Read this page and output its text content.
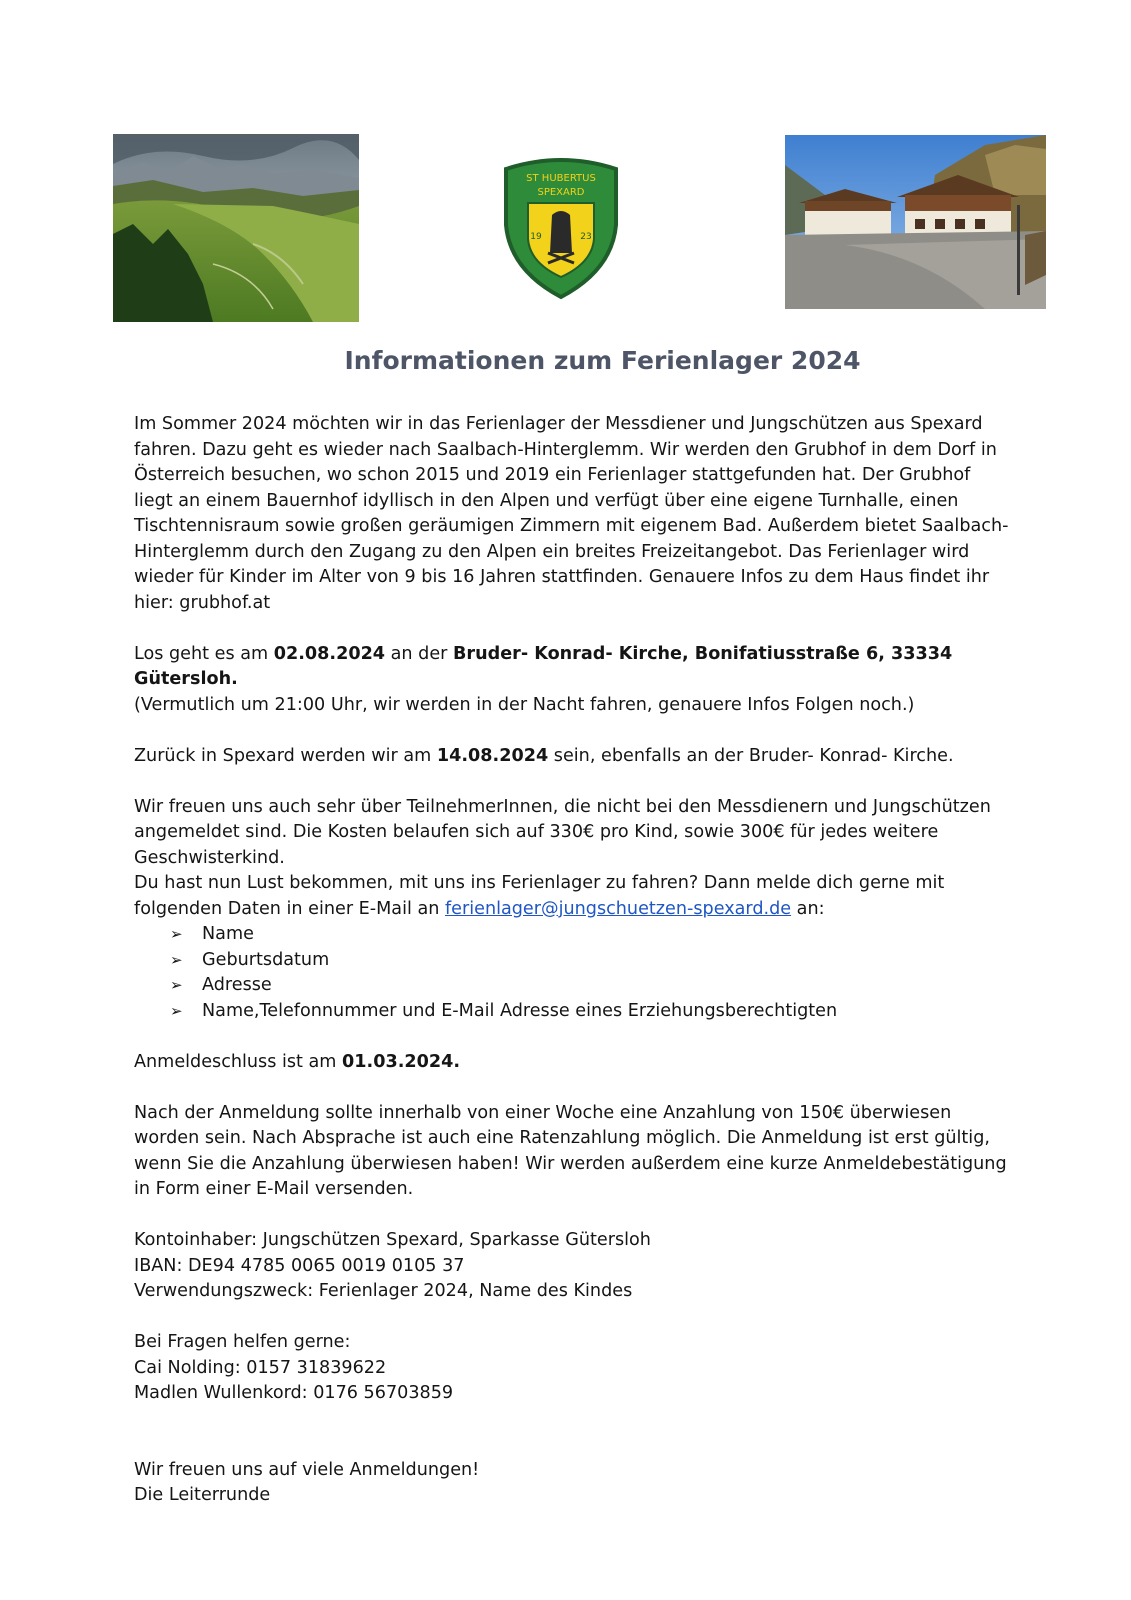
ST HUBERTUS
SPEXARD
19	23
Informationen zum Ferienlager 2024

Im Sommer 2024 möchten wir in das Ferienlager der Messdiener und Jungschützen aus Spexard fahren. Dazu geht es wieder nach Saalbach-Hinterglemm. Wir werden den Grubhof in dem Dorf in Österreich besuchen, wo schon 2015 und 2019 ein Ferienlager stattgefunden hat. Der Grubhof liegt an einem Bauernhof idyllisch in den Alpen und verfügt über eine eigene Turnhalle, einen Tischtennisraum sowie großen geräumigen Zimmern mit eigenem Bad. Außerdem bietet Saalbach-Hinterglemm durch den Zugang zu den Alpen ein breites Freizeitangebot. Das Ferienlager wird wieder für Kinder im Alter von 9 bis 16 Jahren stattfinden. Genauere Infos zu dem Haus findet ihr hier: grubhof.at

Los geht es am 02.08.2024 an der Bruder- Konrad- Kirche, Bonifatiusstraße 6, 33334 Gütersloh.
(Vermutlich um 21:00 Uhr, wir werden in der Nacht fahren, genauere Infos Folgen noch.)

Zurück in Spexard werden wir am 14.08.2024 sein, ebenfalls an der Bruder- Konrad- Kirche.

Wir freuen uns auch sehr über TeilnehmerInnen, die nicht bei den Messdienern und Jungschützen angemeldet sind. Die Kosten belaufen sich auf 330€ pro Kind, sowie 300€ für jedes weitere Geschwisterkind.
Du hast nun Lust bekommen, mit uns ins Ferienlager zu fahren? Dann melde dich gerne mit folgenden Daten in einer E-Mail an ferienlager@jungschuetzen-spexard.de an:

➢ Name
➢ Geburtsdatum
➢ Adresse
➢ Name,Telefonnummer und E-Mail Adresse eines Erziehungsberechtigten

Anmeldeschluss ist am 01.03.2024.

Nach der Anmeldung sollte innerhalb von einer Woche eine Anzahlung von 150€ überwiesen worden sein. Nach Absprache ist auch eine Ratenzahlung möglich. Die Anmeldung ist erst gültig, wenn Sie die Anzahlung überwiesen haben! Wir werden außerdem eine kurze Anmeldebestätigung in Form einer E-Mail versenden.

Kontoinhaber: Jungschützen Spexard, Sparkasse Gütersloh
IBAN: DE94 4785 0065 0019 0105 37
Verwendungszweck: Ferienlager 2024, Name des Kindes

Bei Fragen helfen gerne:
Cai Nolding: 0157 31839622
Madlen Wullenkord: 0176 56703859

Wir freuen uns auf viele Anmeldungen!
Die Leiterrunde
